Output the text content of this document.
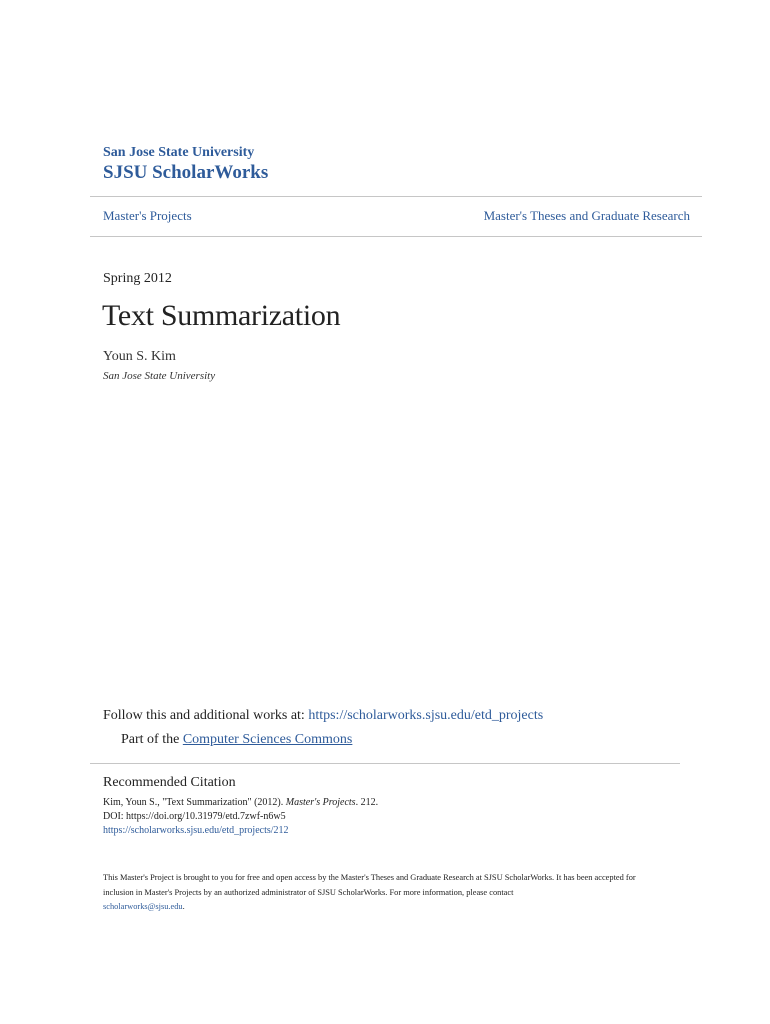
San Jose State University
SJSU ScholarWorks
Master's Projects	Master's Theses and Graduate Research
Spring 2012
Text Summarization
Youn S. Kim
San Jose State University
Follow this and additional works at: https://scholarworks.sjsu.edu/etd_projects
Part of the Computer Sciences Commons
Recommended Citation
Kim, Youn S., "Text Summarization" (2012). Master's Projects. 212.
DOI: https://doi.org/10.31979/etd.7zwf-n6w5
https://scholarworks.sjsu.edu/etd_projects/212
This Master's Project is brought to you for free and open access by the Master's Theses and Graduate Research at SJSU ScholarWorks. It has been accepted for inclusion in Master's Projects by an authorized administrator of SJSU ScholarWorks. For more information, please contact
scholarworks@sjsu.edu.
